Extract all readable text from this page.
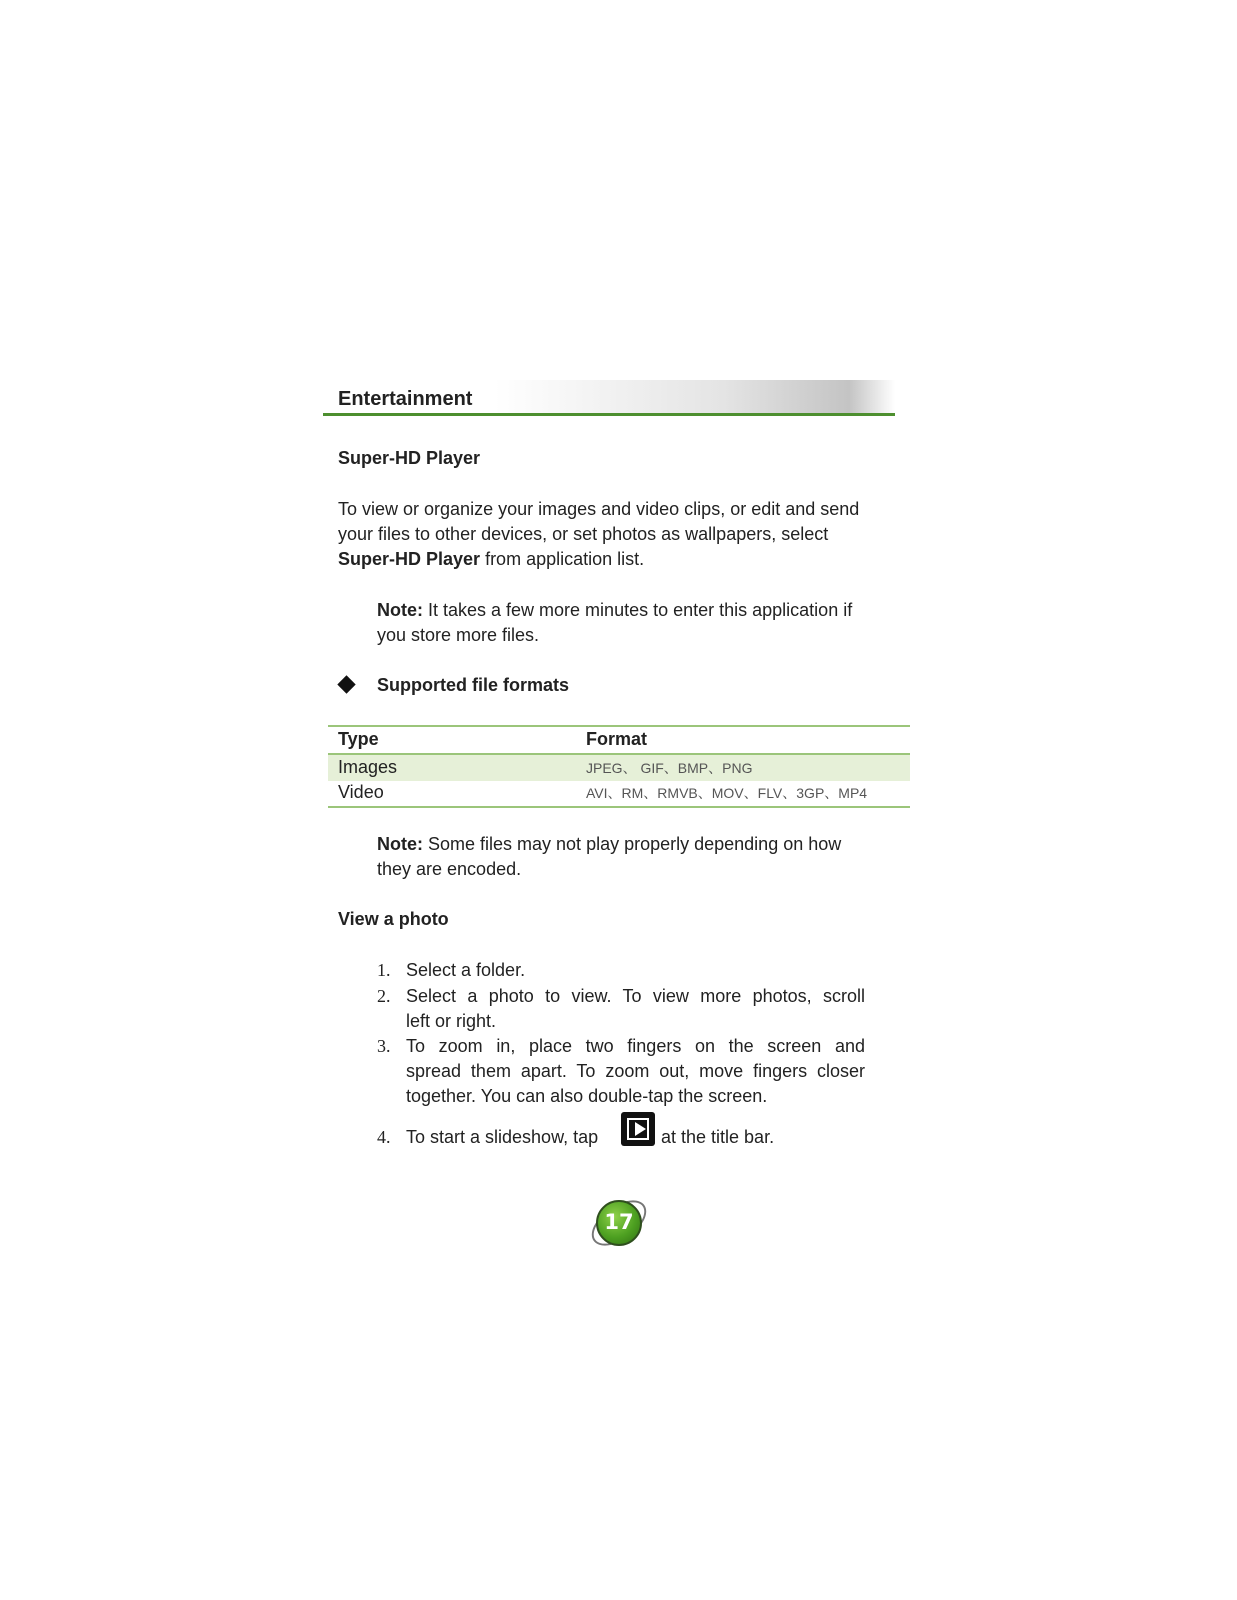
Entertainment
Super-HD Player
To view or organize your images and video clips, or edit and send
your files to other devices, or set photos as wallpapers, select
Super-HD Player from application list.
Note: It takes a few more minutes to enter this application if
you store more files.
Supported file formats
Type	Format
Images	JPEG、 GIF、BMP、PNG
Video	AVI、RM、RMVB、MOV、FLV、3GP、MP4
Note: Some files may not play properly depending on how
they are encoded.
View a photo
1. Select a folder.
2. Select a photo to view. To view more photos, scroll
left or right.
3. To zoom in, place two fingers on the screen and
spread them apart. To zoom out, move fingers closer
together. You can also double-tap the screen.
4. To start a slideshow, tap	at the title bar.
17
